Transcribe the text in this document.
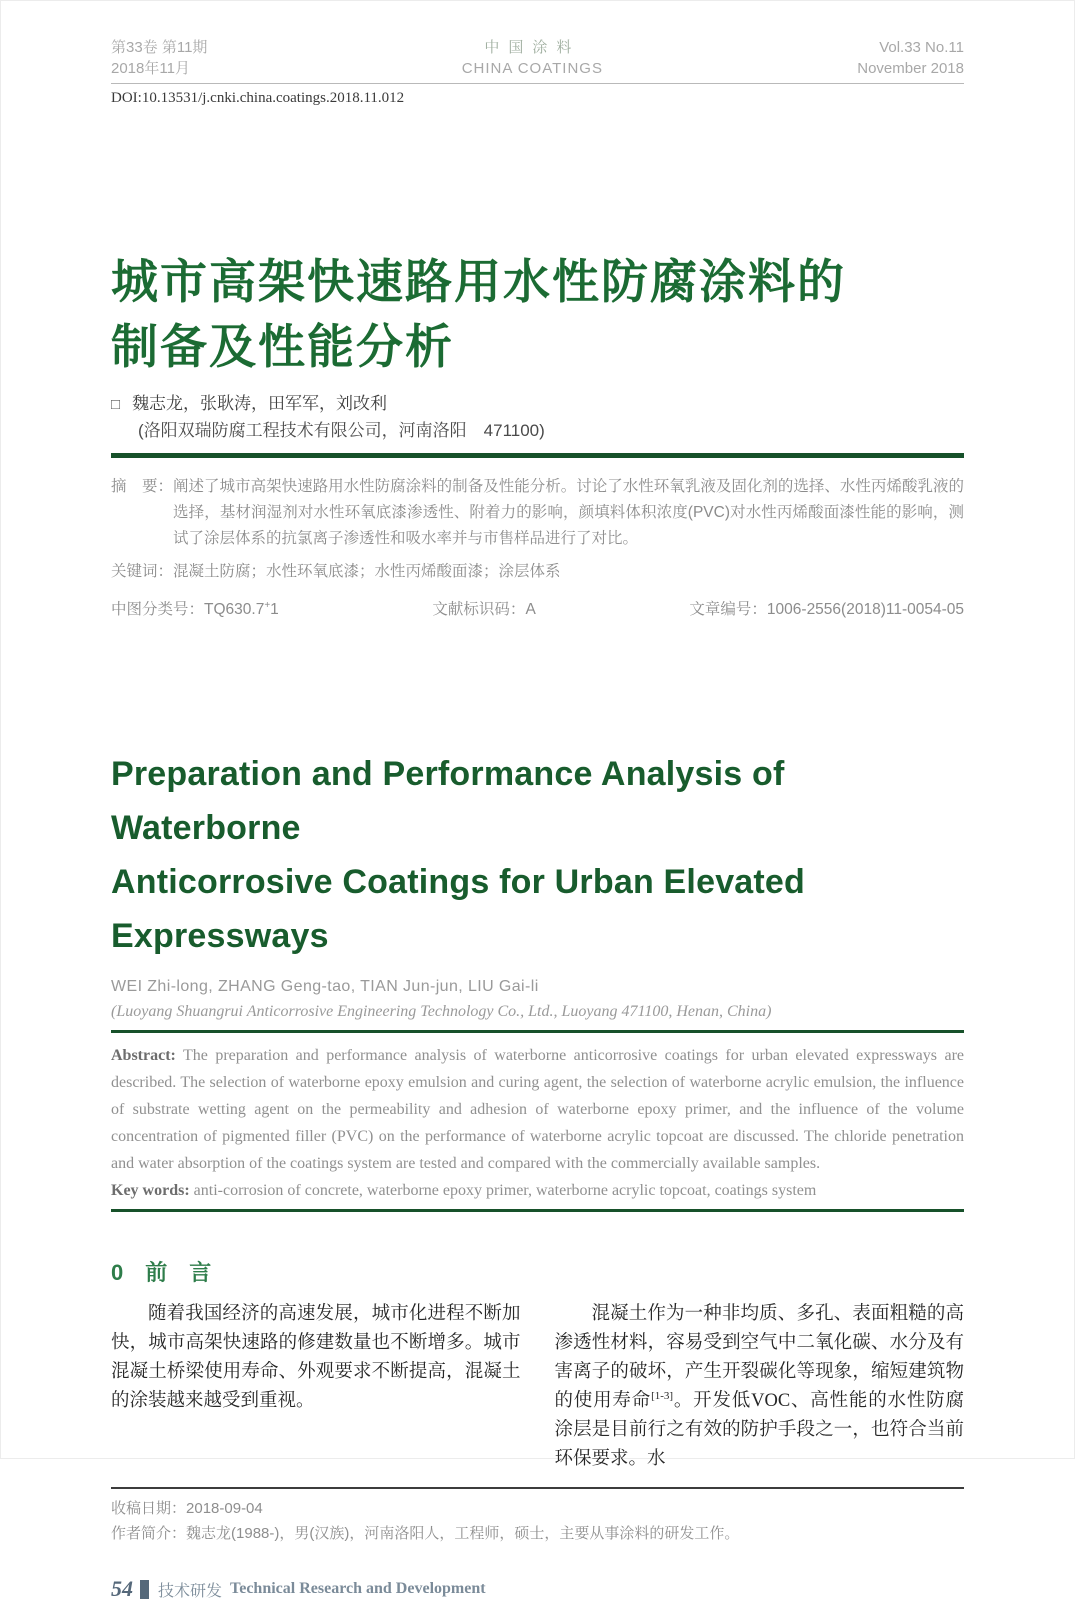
第33卷 第11期
2018年11月
中国涂料
CHINA COATINGS
Vol.33 No.11
November 2018
DOI:10.13531/j.cnki.china.coatings.2018.11.012
城市高架快速路用水性防腐涂料的
制备及性能分析
□ 魏志龙，张耿涛，田军军，刘改利
(洛阳双瑞防腐工程技术有限公司，河南洛阳　471100)
摘　要： 阐述了城市高架快速路用水性防腐涂料的制备及性能分析。讨论了水性环氧乳液及固化剂的选择、水性丙烯酸乳液的选择，基材润湿剂对水性环氧底漆渗透性、附着力的影响，颜填料体积浓度(PVC)对水性丙烯酸面漆性能的影响，测试了涂层体系的抗氯离子渗透性和吸水率并与市售样品进行了对比。
关键词： 混凝土防腐；水性环氧底漆；水性丙烯酸面漆；涂层体系
中图分类号：TQ630.7+1	文献标识码：A	文章编号：1006-2556(2018)11-0054-05
Preparation and Performance Analysis of Waterborne
Anticorrosive Coatings for Urban Elevated Expressways
WEI Zhi-long, ZHANG Geng-tao, TIAN Jun-jun, LIU Gai-li
(Luoyang Shuangrui Anticorrosive Engineering Technology Co., Ltd., Luoyang 471100, Henan, China)
Abstract: The preparation and performance analysis of waterborne anticorrosive coatings for urban elevated expressways are described. The selection of waterborne epoxy emulsion and curing agent, the selection of waterborne acrylic emulsion, the influence of substrate wetting agent on the permeability and adhesion of waterborne epoxy primer, and the influence of the volume concentration of pigmented filler (PVC) on the performance of waterborne acrylic topcoat are discussed. The chloride penetration and water absorption of the coatings system are tested and compared with the commercially available samples.
Key words: anti-corrosion of concrete, waterborne epoxy primer, waterborne acrylic topcoat, coatings system
0　前　言

随着我国经济的高速发展，城市化进程不断加快，城市高架快速路的修建数量也不断增多。城市混凝土桥梁使用寿命、外观要求不断提高，混凝土的涂装越来越受到重视。

混凝土作为一种非均质、多孔、表面粗糙的高渗透性材料，容易受到空气中二氧化碳、水分及有害离子的破坏，产生开裂碳化等现象，缩短建筑物的使用寿命[1-3]。开发低VOC、高性能的水性防腐涂层是目前行之有效的防护手段之一，也符合当前环保要求。水

收稿日期：2018-09-04
作者简介：魏志龙(1988-)，男(汉族)，河南洛阳人，工程师，硕士，主要从事涂料的研发工作。
54 技术研发 Technical Research and Development
